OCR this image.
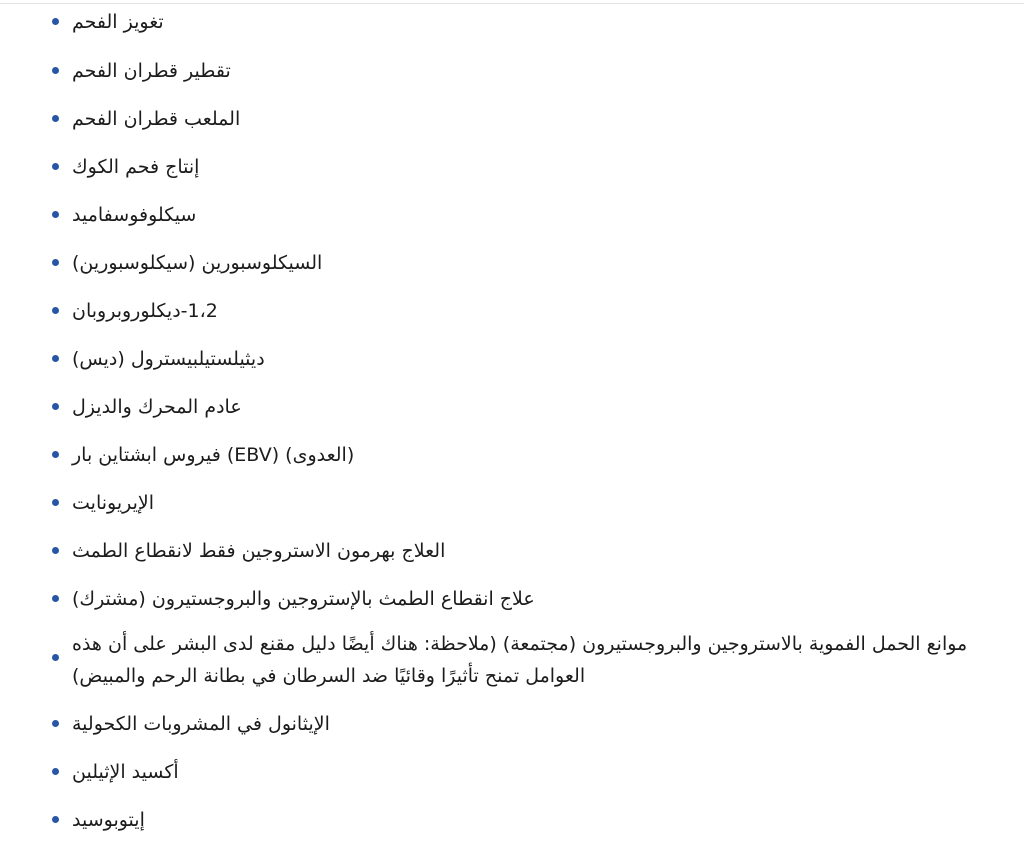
تغويز الفحم
تقطير قطران الفحم
الملعب قطران الفحم
إنتاج فحم الكوك
سيكلوفوسفاميد
السيكلوسبورين (سيكلوسبورين)
1،2-ديكلوروبروبان
ديثيلستيلبيسترول (ديس)
عادم المحرك والديزل
(العدوى) (EBV) فيروس ابشتاين بار
الإيريونايت
العلاج بهرمون الاستروجين فقط لانقطاع الطمث
علاج انقطاع الطمث بالإستروجين والبروجستيرون (مشترك)
موانع الحمل الفموية بالاستروجين والبروجستيرون (مجتمعة) (ملاحظة: هناك أيضًا دليل مقنع لدى البشر على أن هذه العوامل تمنح تأثيرًا وقائيًا ضد السرطان في بطانة الرحم والمبيض)
الإيثانول في المشروبات الكحولية
أكسيد الإثيلين
إيتوبوسيد
